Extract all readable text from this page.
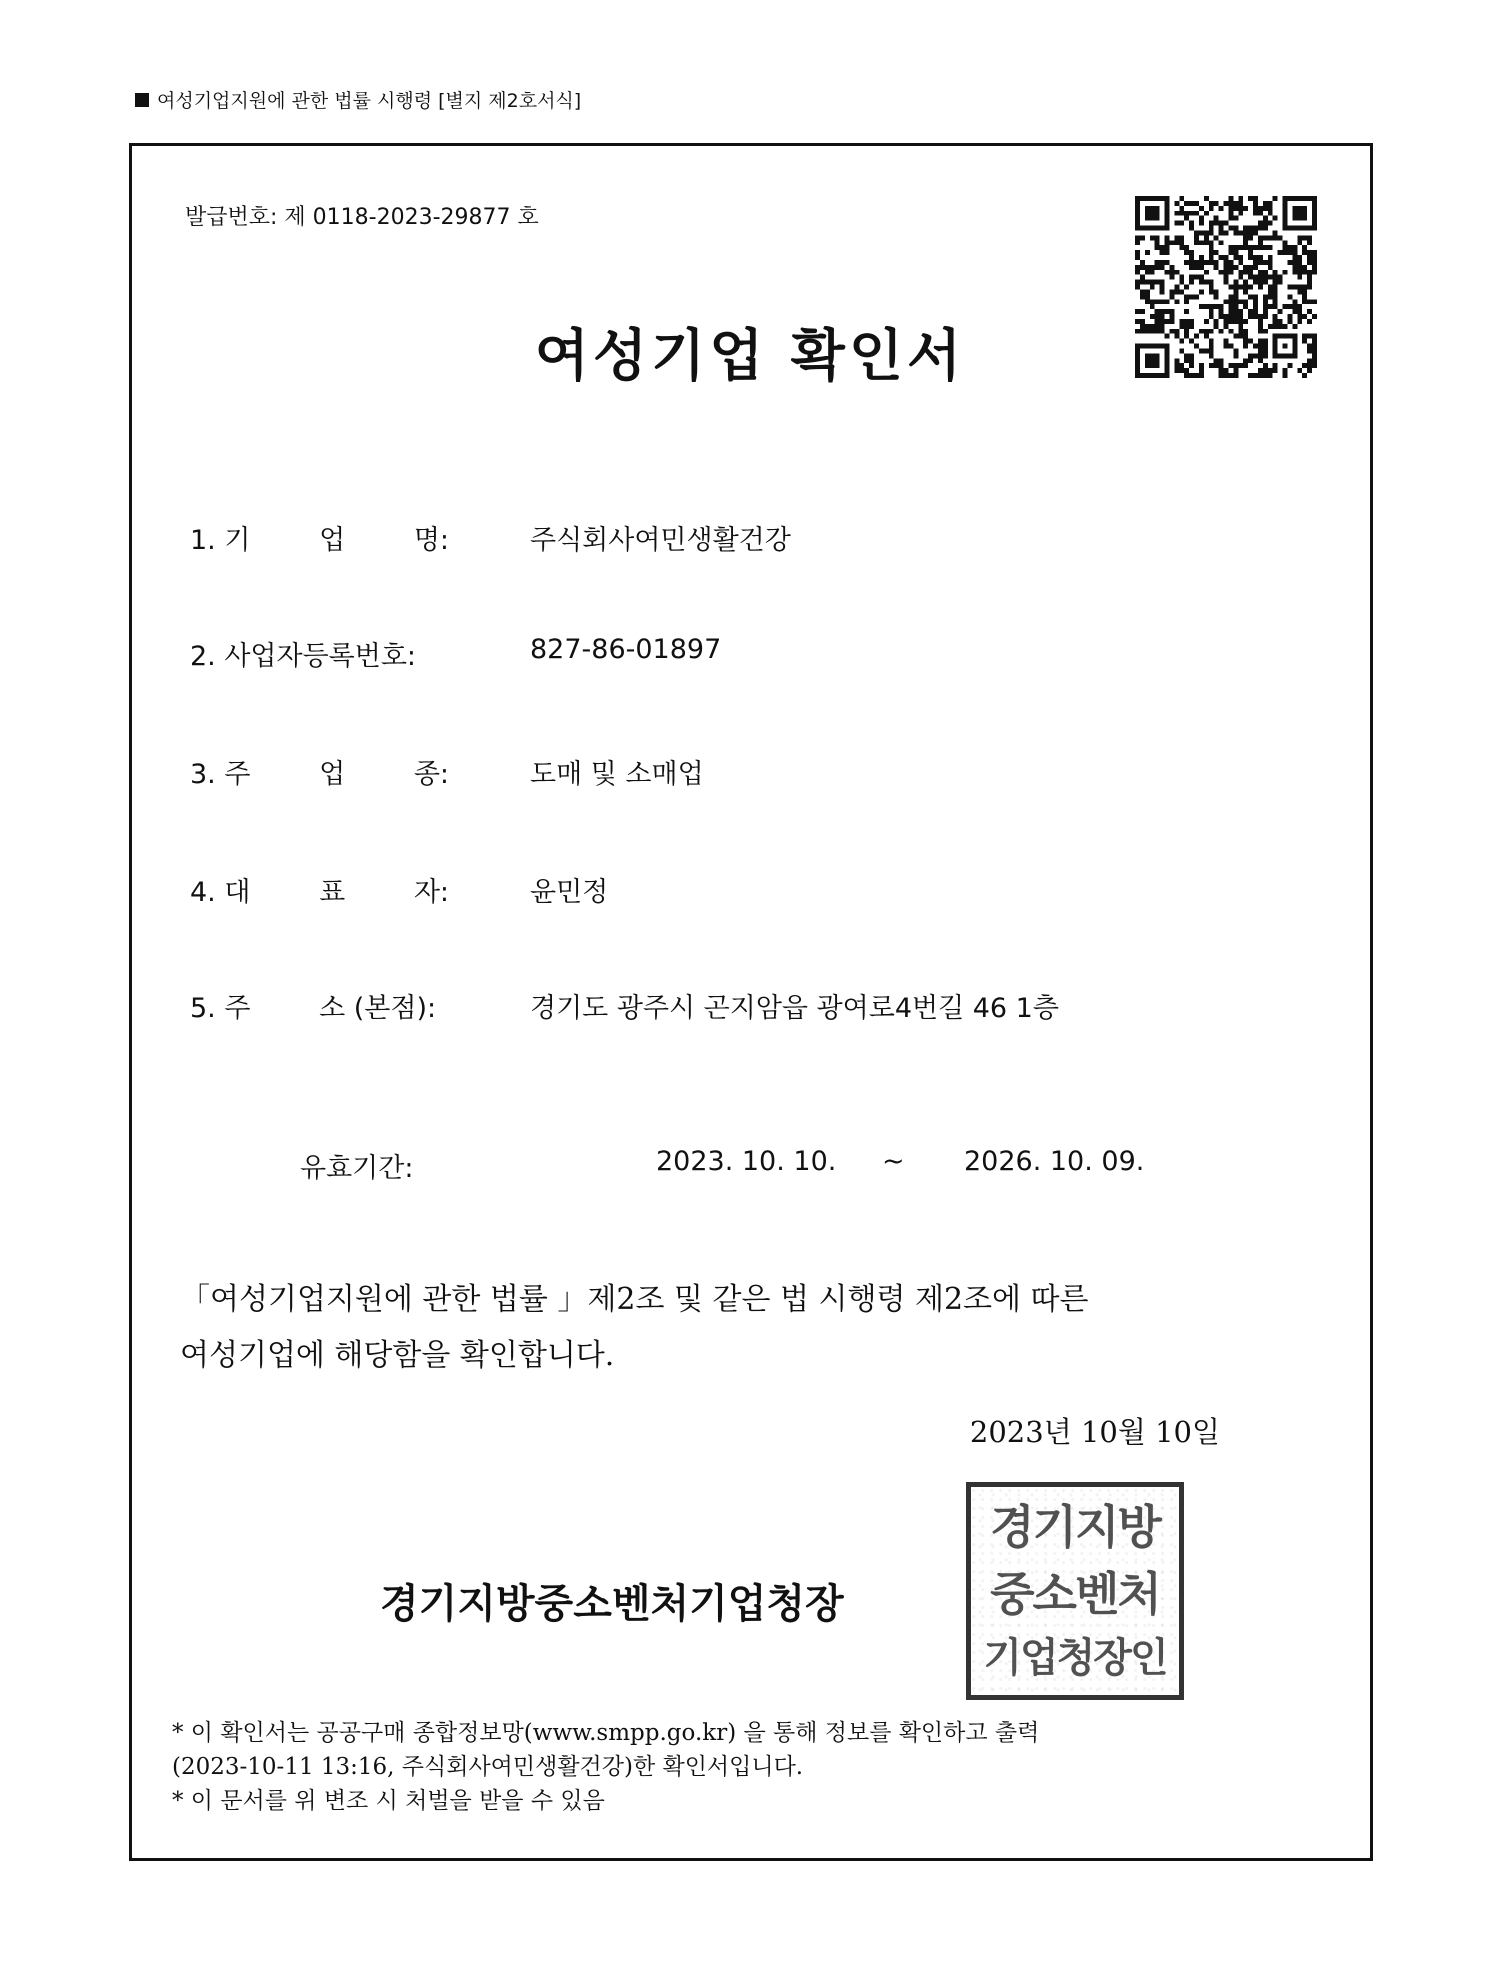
여성기업지원에 관한 법률 시행령 [별지 제2호서식]
발급번호: 제 0118-2023-29877 호
여성기업 확인서
1. 기        업        명:	주식회사여민생활건강
2. 사업자등록번호:	827-86-01897
3. 주        업        종:	도매 및 소매업
4. 대        표        자:	윤민정
5. 주        소 (본점):	경기도 광주시 곤지암읍 광여로4번길 46 1층
유효기간:	2023. 10. 10. ~ 2026. 10. 09.
「여성기업지원에 관한 법률 」제2조 및 같은 법 시행령 제2조에 따른
여성기업에 해당함을 확인합니다.
2023년 10월 10일
경기지방중소벤처기업청장
경기지방
중소벤처
기업청장인
* 이 확인서는 공공구매 종합정보망(www.smpp.go.kr) 을 통해 정보를 확인하고 출력
(2023-10-11 13:16, 주식회사여민생활건강)한 확인서입니다.
* 이 문서를 위 변조 시 처벌을 받을 수 있음
